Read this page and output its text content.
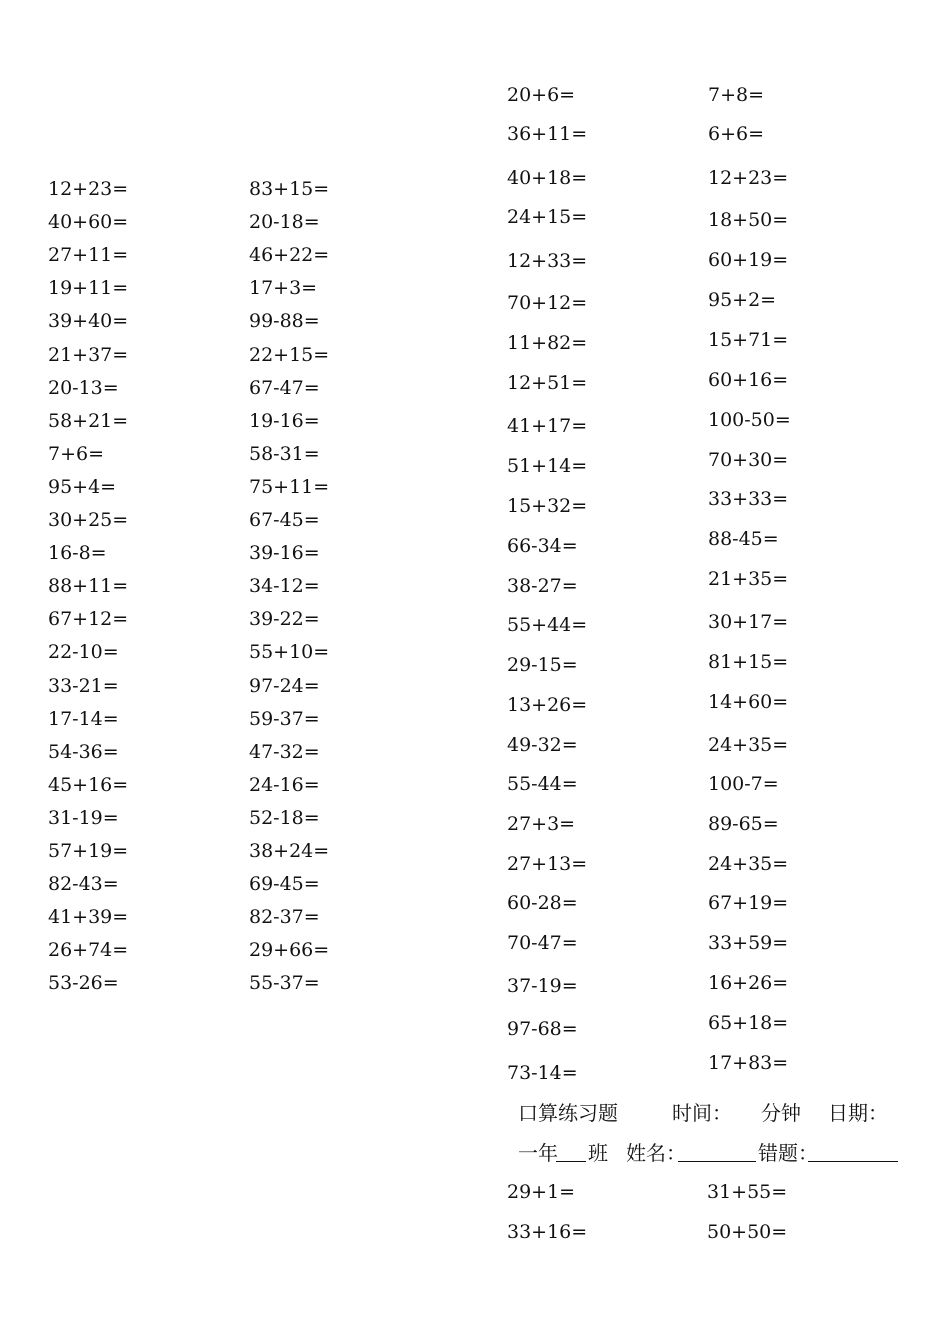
12+23=
40+60=
27+11=
19+11=
39+40=
21+37=
20-13=
58+21=
7+6=
95+4=
30+25=
16-8=
88+11=
67+12=
22-10=
33-21=
17-14=
54-36=
45+16=
31-19=
57+19=
82-43=
41+39=
26+74=
53-26=
83+15=
20-18=
46+22=
17+3=
99-88=
22+15=
67-47=
19-16=
58-31=
75+11=
67-45=
39-16=
34-12=
39-22=
55+10=
97-24=
59-37=
47-32=
24-16=
52-18=
38+24=
69-45=
82-37=
29+66=
55-37=
20+6=
36+11=
40+18=
24+15=
12+33=
70+12=
11+82=
12+51=
41+17=
51+14=
15+32=
66-34=
38-27=
55+44=
29-15=
13+26=
49-32=
55-44=
27+3=
27+13=
60-28=
70-47=
37-19=
97-68=
73-14=
7+8=
6+6=
12+23=
18+50=
60+19=
95+2=
15+71=
60+16=
100-50=
70+30=
33+33=
88-45=
21+35=
30+17=
81+15=
14+60=
24+35=
100-7=
89-65=
24+35=
67+19=
33+59=
16+26=
65+18=
17+83=
口算练习题	时间： 分钟 日期：
一年 班 姓名：	错题：
29+1=
33+16=
31+55=
50+50=
